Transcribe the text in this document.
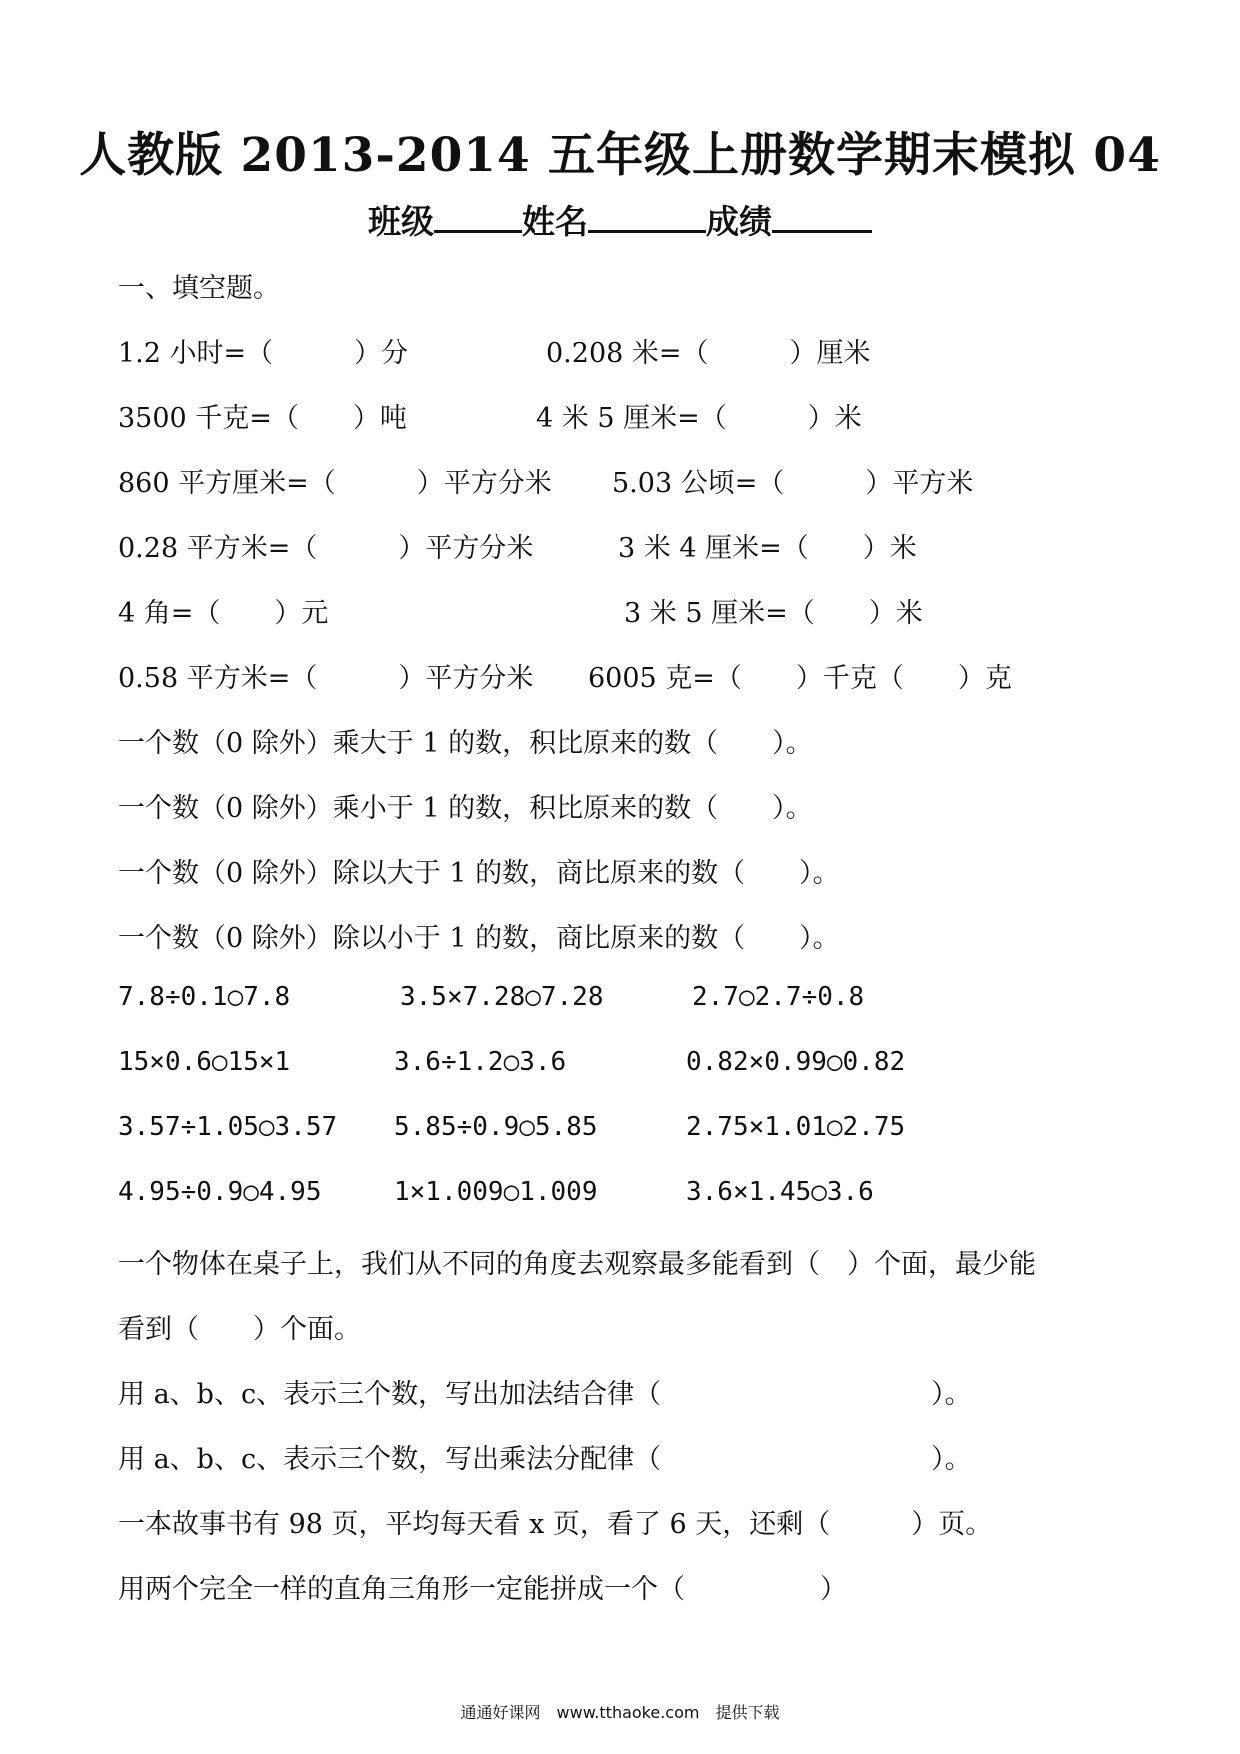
人教版 2013-2014 五年级上册数学期末模拟 04
班级	姓名	成绩
一、填空题。
1.2 小时=（　　　）分	0.208 米=（　　　）厘米
3500 千克=（　　）吨	4 米 5 厘米=（　　　）米
860 平方厘米=（　　　）平方分米 5.03 公顷=（　　　）平方米
0.28 平方米=（　　　）平方分米	3 米 4 厘米=（　　）米
4 角=（　　）元	3 米 5 厘米=（　　）米
0.58 平方米=（　　　）平方分米 6005 克=（　　）千克（　　）克
一个数（0 除外）乘大于 1 的数，积比原来的数（　　）。
一个数（0 除外）乘小于 1 的数，积比原来的数（　　）。
一个数（0 除外）除以大于 1 的数，商比原来的数（　　）。
一个数（0 除外）除以小于 1 的数，商比原来的数（　　）。
7.8÷0.1○7.8	3.5×7.28○7.28	2.7○2.7÷0.8
15×0.6○15×1	3.6÷1.2○3.6	0.82×0.99○0.82
3.57÷1.05○3.57 5.85÷0.9○5.85	2.75×1.01○2.75
4.95÷0.9○4.95	1×1.009○1.009	3.6×1.45○3.6
一个物体在桌子上，我们从不同的角度去观察最多能看到（　）个面，最少能
看到（　　）个面。
用 a、b、c、表示三个数，写出加法结合律（　　　　　　　　　　）。
用 a、b、c、表示三个数，写出乘法分配律（　　　　　　　　　　）。
一本故事书有 98 页，平均每天看 x 页，看了 6 天，还剩（　　　）页。
用两个完全一样的直角三角形一定能拼成一个（　　　　　）
通通好课网　www.tthaoke.com　提供下载
